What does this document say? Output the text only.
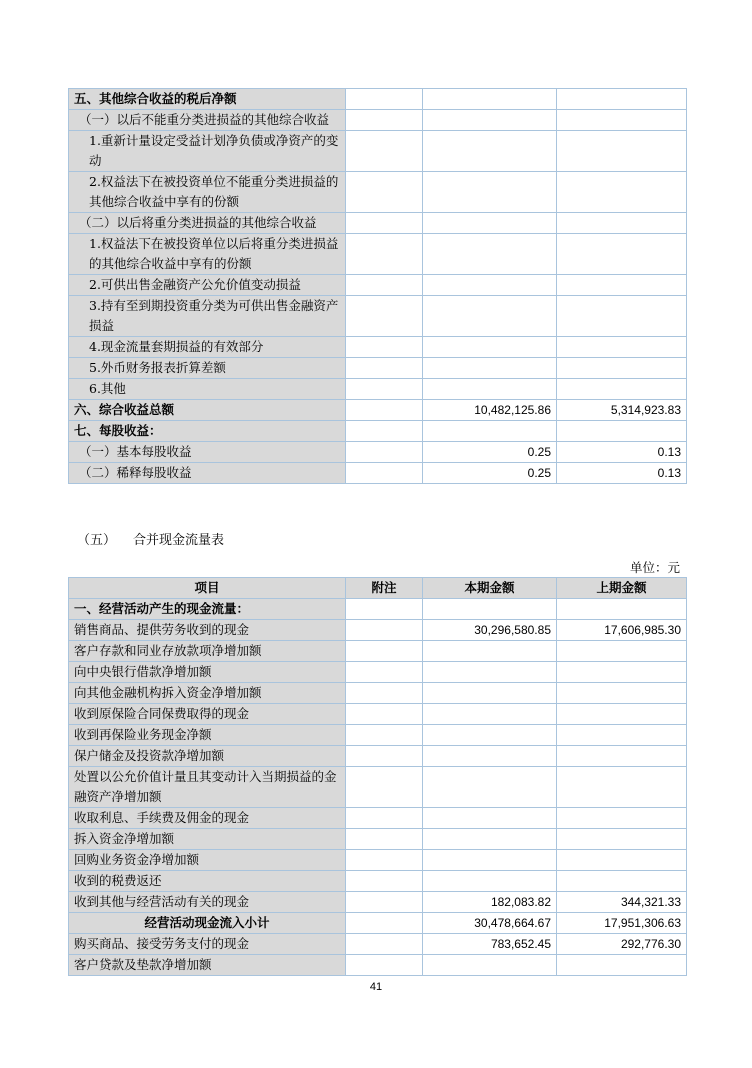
五、其他综合收益的税后净额			
（一）以后不能重分类进损益的其他综合收益			
1.重新计量设定受益计划净负债或净资产的变动			
2.权益法下在被投资单位不能重分类进损益的其他综合收益中享有的份额			
（二）以后将重分类进损益的其他综合收益			
1.权益法下在被投资单位以后将重分类进损益的其他综合收益中享有的份额			
2.可供出售金融资产公允价值变动损益			
3.持有至到期投资重分类为可供出售金融资产损益			
4.现金流量套期损益的有效部分			
5.外币财务报表折算差额			
6.其他			
六、综合收益总额		10,482,125.86	5,314,923.83
七、每股收益：			
（一）基本每股收益		0.25	0.13
（二）稀释每股收益		0.25	0.13
（五） 合并现金流量表
单位：元
项目	附注	本期金额	上期金额
一、经营活动产生的现金流量：			
销售商品、提供劳务收到的现金		30,296,580.85	17,606,985.30
客户存款和同业存放款项净增加额			
向中央银行借款净增加额			
向其他金融机构拆入资金净增加额			
收到原保险合同保费取得的现金			
收到再保险业务现金净额			
保户储金及投资款净增加额			
处置以公允价值计量且其变动计入当期损益的金融资产净增加额			
收取利息、手续费及佣金的现金			
拆入资金净增加额			
回购业务资金净增加额			
收到的税费返还			
收到其他与经营活动有关的现金		182,083.82	344,321.33
经营活动现金流入小计		30,478,664.67	17,951,306.63
购买商品、接受劳务支付的现金		783,652.45	292,776.30
客户贷款及垫款净增加额			
41
